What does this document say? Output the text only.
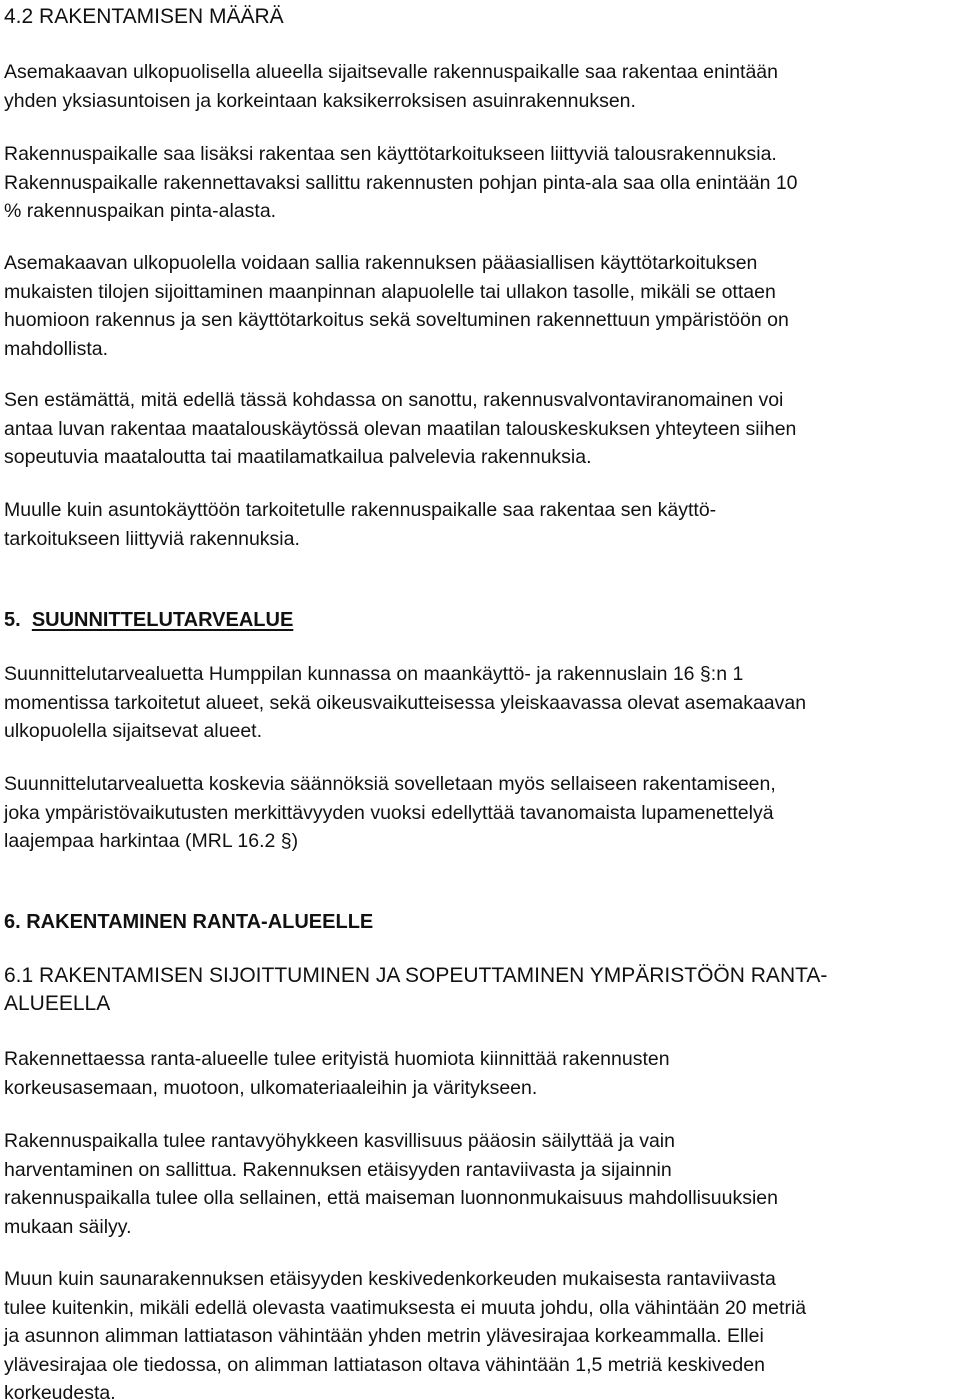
4.2 RAKENTAMISEN MÄÄRÄ
Asemakaavan ulkopuolisella alueella sijaitsevalle rakennuspaikalle saa rakentaa enintään
yhden yksiasuntoisen ja korkeintaan kaksikerroksisen asuinrakennuksen.
Rakennuspaikalle saa lisäksi rakentaa sen käyttötarkoitukseen liittyviä talousrakennuksia.
Rakennuspaikalle rakennettavaksi sallittu rakennusten pohjan pinta-ala saa olla enintään 10
% rakennuspaikan pinta-alasta.
Asemakaavan ulkopuolella voidaan sallia rakennuksen pääasiallisen käyttötarkoituksen
mukaisten tilojen sijoittaminen maanpinnan alapuolelle tai ullakon tasolle, mikäli se ottaen
huomioon rakennus ja sen käyttötarkoitus sekä soveltuminen rakennettuun ympäristöön on
mahdollista.
Sen estämättä, mitä edellä tässä kohdassa on sanottu, rakennusvalvontaviranomainen voi
antaa luvan rakentaa maatalouskäytössä olevan maatilan talouskeskuksen yhteyteen siihen
sopeutuvia maataloutta tai maatilamatkailua palvelevia rakennuksia.
Muulle kuin asuntokäyttöön tarkoitetulle rakennuspaikalle saa rakentaa sen käyttö-
tarkoitukseen liittyviä rakennuksia.
5. SUUNNITTELUTARVEALUE
Suunnittelutarvealuetta Humppilan kunnassa on maankäyttö- ja rakennuslain 16 §:n 1
momentissa tarkoitetut alueet, sekä oikeusvaikutteisessa yleiskaavassa olevat asemakaavan
ulkopuolella sijaitsevat alueet.
Suunnittelutarvealuetta koskevia säännöksiä sovelletaan myös sellaiseen rakentamiseen,
joka ympäristövaikutusten merkittävyyden vuoksi edellyttää tavanomaista lupamenettelyä
laajempaa harkintaa (MRL 16.2 §)
6. RAKENTAMINEN RANTA-ALUEELLE
6.1 RAKENTAMISEN SIJOITTUMINEN JA SOPEUTTAMINEN YMPÄRISTÖÖN RANTA-
ALUEELLA
Rakennettaessa ranta-alueelle tulee erityistä huomiota kiinnittää rakennusten
korkeusasemaan, muotoon, ulkomateriaaleihin ja väritykseen.
Rakennuspaikalla tulee rantavyöhykkeen kasvillisuus pääosin säilyttää ja vain
harventaminen on sallittua. Rakennuksen etäisyyden rantaviivasta ja sijainnin
rakennuspaikalla tulee olla sellainen, että maiseman luonnonmukaisuus mahdollisuuksien
mukaan säilyy.
Muun kuin saunarakennuksen etäisyyden keskivedenkorkeuden mukaisesta rantaviivasta
tulee kuitenkin, mikäli edellä olevasta vaatimuksesta ei muuta johdu, olla vähintään 20 metriä
ja asunnon alimman lattiatason vähintään yhden metrin ylävesirajaa korkeammalla. Ellei
ylävesirajaa ole tiedossa, on alimman lattiatason oltava vähintään 1,5 metriä keskiveden
korkeudesta.
